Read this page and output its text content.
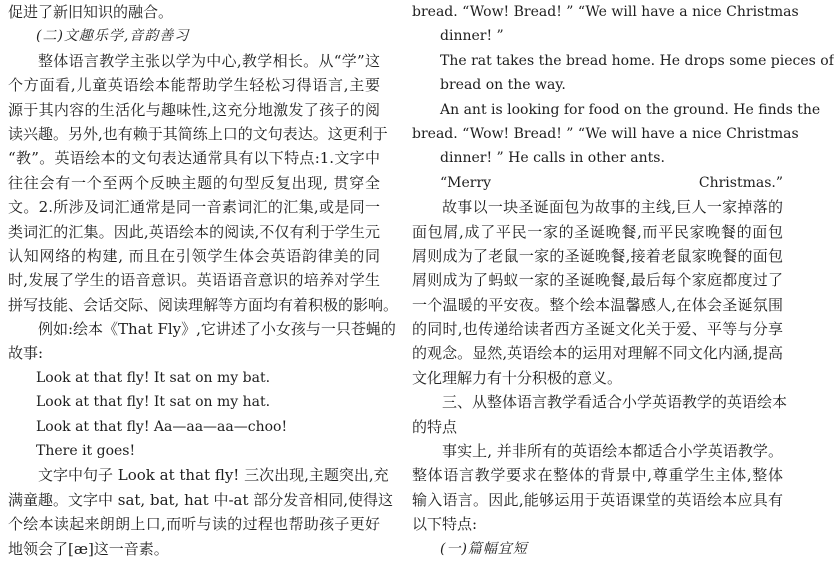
促进了新旧知识的融合。
(二)文趣乐学,音韵善习
整体语言教学主张以学为中心,教学相长。从“学”这
个方面看,儿童英语绘本能帮助学生轻松习得语言,主要
源于其内容的生活化与趣味性,这充分地激发了孩子的阅
读兴趣。另外,也有赖于其简练上口的文句表达。这更利于
“教”。英语绘本的文句表达通常具有以下特点:1.文字中
往往会有一个至两个反映主题的句型反复出现, 贯穿全
文。2.所涉及词汇通常是同一音素词汇的汇集,或是同一
类词汇的汇集。因此,英语绘本的阅读,不仅有利于学生元
认知网络的构建, 而且在引领学生体会英语韵律美的同
时,发展了学生的语音意识。英语语音意识的培养对学生
拼写技能、会话交际、阅读理解等方面均有着积极的影响。
例如:绘本《That Fly》,它讲述了小女孩与一只苍蝇的
故事:
Look at that fly! It sat on my bat.
Look at that fly! It sat on my hat.
Look at that fly! Aa—aa—aa—choo!
There it goes!
文字中句子 Look at that fly! 三次出现,主题突出,充
满童趣。文字中 sat, bat, hat 中-at 部分发音相同,使得这
个绘本读起来朗朗上口,而听与读的过程也帮助孩子更好
地领会了[æ]这一音素。
bread. “Wow! Bread! ” “We will have a nice Christmas
dinner! ”
The rat takes the bread home. He drops some pieces of
bread on the way.
An ant is looking for food on the ground. He finds the
bread. “Wow! Bread! ” “We will have a nice Christmas
dinner! ” He calls in other ants.
“Merry Christmas.”
故事以一块圣诞面包为故事的主线,巨人一家掉落的
面包屑,成了平民一家的圣诞晚餐,而平民家晚餐的面包
屑则成为了老鼠一家的圣诞晚餐,接着老鼠家晚餐的面包
屑则成为了蚂蚁一家的圣诞晚餐,最后每个家庭都度过了
一个温暖的平安夜。整个绘本温馨感人,在体会圣诞氛围
的同时,也传递给读者西方圣诞文化关于爱、平等与分享
的观念。显然,英语绘本的运用对理解不同文化内涵,提高
文化理解力有十分积极的意义。
三、从整体语言教学看适合小学英语教学的英语绘本
的特点
事实上, 并非所有的英语绘本都适合小学英语教学。
整体语言教学要求在整体的背景中,尊重学生主体,整体
输入语言。因此,能够运用于英语课堂的英语绘本应具有
以下特点:
(一)篇幅宜短
